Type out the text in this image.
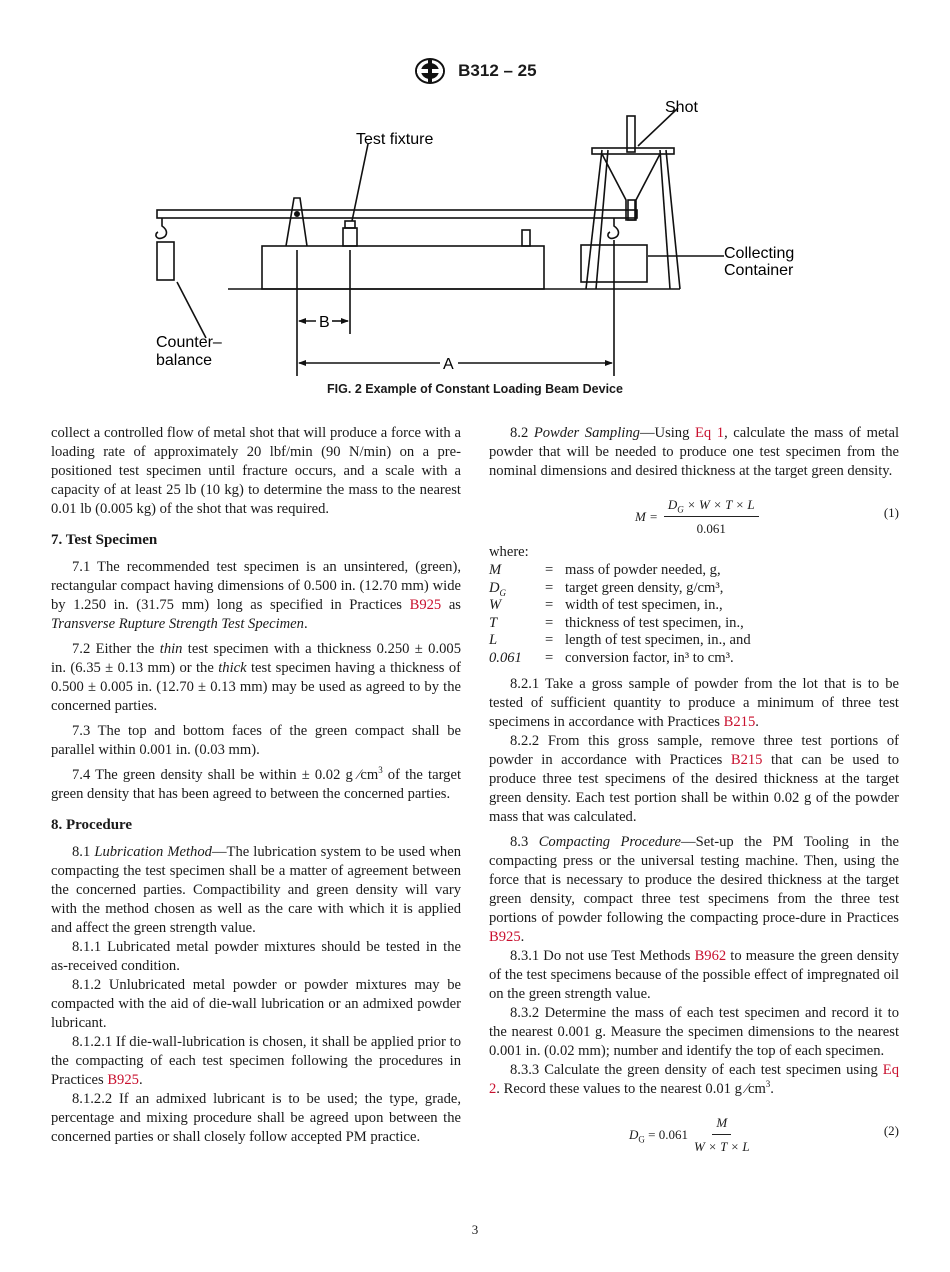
B312 – 25
Shot
Test fixture
Collecting
Container
Counter–
balance
B
A
FIG. 2 Example of Constant Loading Beam Device

collect a controlled flow of metal shot that will produce a force with a loading rate of approximately 20 lbf/min (90 N/min) on a pre-positioned test specimen until fracture occurs, and a scale with a capacity of at least 25 lb (10 kg) to determine the mass to the nearest 0.01 lb (0.005 kg) of the shot that was required.

7. Test Specimen

7.1 The recommended test specimen is an unsintered, (green), rectangular compact having dimensions of 0.500 in. (12.70 mm) wide by 1.250 in. (31.75 mm) long as specified in Practices B925 as Transverse Rupture Strength Test Specimen.

7.2 Either the thin test specimen with a thickness 0.250 ± 0.005 in. (6.35 ± 0.13 mm) or the thick test specimen having a thickness of 0.500 ± 0.005 in. (12.70 ± 0.13 mm) may be used as agreed to by the concerned parties.

7.3 The top and bottom faces of the green compact shall be parallel within 0.001 in. (0.03 mm).

7.4 The green density shall be within ± 0.02 g $⁄cm^3$ of the target green density that has been agreed to between the concerned parties.

8. Procedure

8.1 Lubrication Method—The lubrication system to be used when compacting the test specimen shall be a matter of agreement between the concerned parties. Compactibility and green density will vary with the method chosen as well as the care with which it is applied and affect the green strength value.

8.1.1 Lubricated metal powder mixtures should be tested in the as-received condition.

8.1.2 Unlubricated metal powder or powder mixtures may be compacted with the aid of die-wall lubrication or an admixed powder lubricant.

8.1.2.1 If die-wall-lubrication is chosen, it shall be applied prior to the compacting of each test specimen following the procedures in Practices B925.

8.1.2.2 If an admixed lubricant is to be used; the type, grade, percentage and mixing procedure shall be agreed upon between the concerned parties or shall closely follow accepted PM practice.

8.2 Powder Sampling—Using Eq 1, calculate the mass of metal powder that will be needed to produce one test specimen from the nominal dimensions and desired thickness at the target green density.

$M = \frac{D_G \times W \times T \times L}{0.061}$	(1)

where:

M	= mass of powder needed, g,
$D_G$	= target green density, g/cm³,
W	= width of test specimen, in.,
T	= thickness of test specimen, in.,
L	= length of test specimen, in., and
0.061	= conversion factor, in³ to cm³.

8.2.1 Take a gross sample of powder from the lot that is to be tested of sufficient quantity to produce a minimum of three test specimens in accordance with Practices B215.

8.2.2 From this gross sample, remove three test portions of powder in accordance with Practices B215 that can be used to produce three test specimens of the desired thickness at the target green density. Each test portion shall be within 0.02 g of the powder mass that was calculated.

8.3 Compacting Procedure—Set-up the PM Tooling in the compacting press or the universal testing machine. Then, using the force that is necessary to produce the desired thickness at the target green density, compact three test specimens from the three test portions of powder following the compacting proce-dure in Practices B925.

8.3.1 Do not use Test Methods B962 to measure the green density of the test specimens because of the possible effect of impregnated oil on the green strength value.

8.3.2 Determine the mass of each test specimen and record it to the nearest 0.001 g. Measure the specimen dimensions to the nearest 0.001 in. (0.02 mm); number and identify the top of each specimen.

8.3.3 Calculate the green density of each test specimen using Eq 2. Record these values to the nearest 0.01 g $⁄cm^3$.

$D_G = 0.061 \frac{M}{W \times T \times L}$	(2)
3
